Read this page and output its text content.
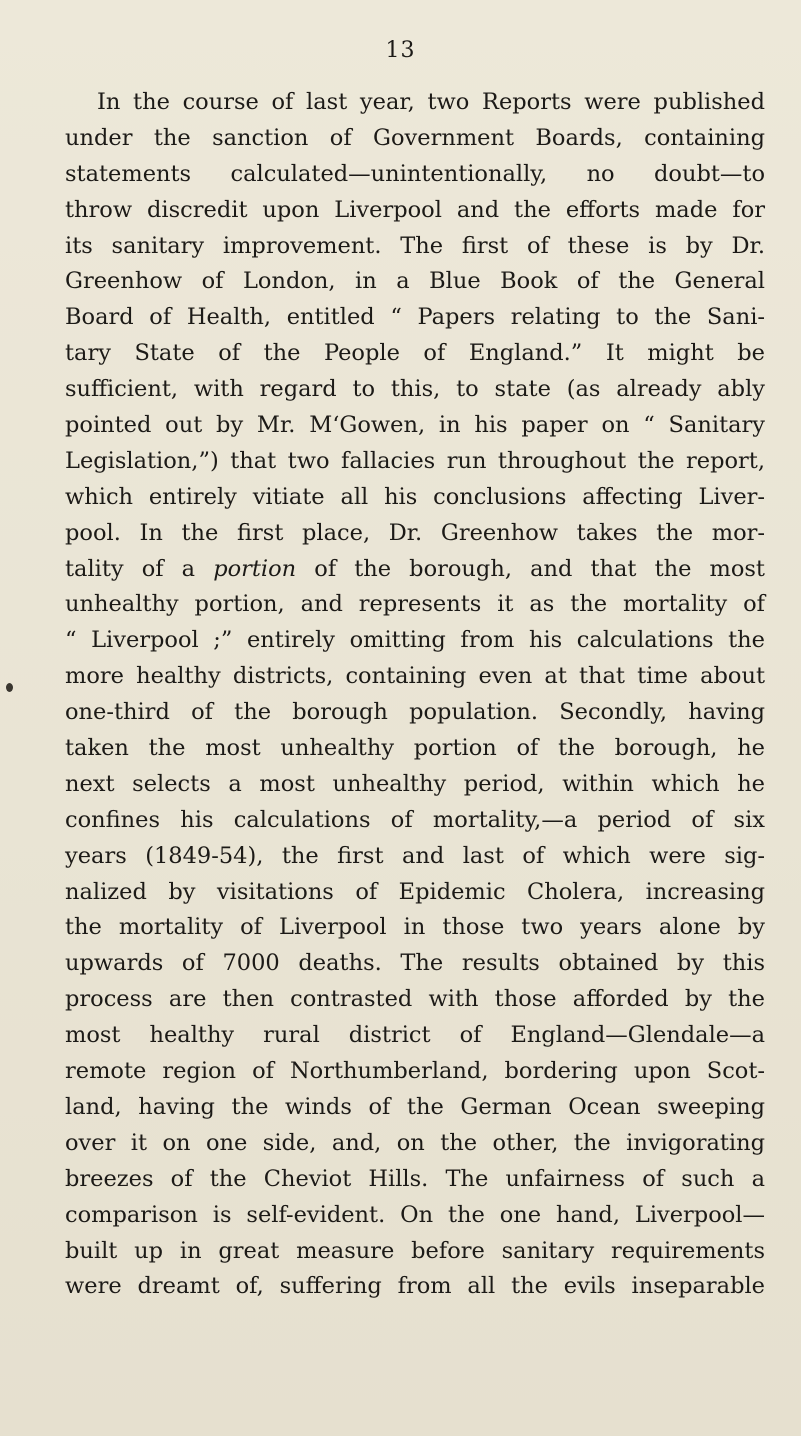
13
In the course of last year, two Reports were published
under the sanction of Government Boards, containing
statements calculated—unintentionally, no doubt—to
throw discredit upon Liverpool and the efforts made for
its sanitary improvement. The first of these is by Dr.
Greenhow of London, in a Blue Book of the General
Board of Health, entitled “ Papers relating to the Sani-
tary State of the People of England.” It might be
sufficient, with regard to this, to state (as already ably
pointed out by Mr. M‘Gowen, in his paper on “ Sanitary
Legislation,”) that two fallacies run throughout the report,
which entirely vitiate all his conclusions affecting Liver-
pool. In the first place, Dr. Greenhow takes the mor-
tality of a portion of the borough, and that the most
unhealthy portion, and represents it as the mortality of
“ Liverpool ;” entirely omitting from his calculations the
more healthy districts, containing even at that time about
one-third of the borough population. Secondly, having
taken the most unhealthy portion of the borough, he
next selects a most unhealthy period, within which he
confines his calculations of mortality,—a period of six
years (1849-54), the first and last of which were sig-
nalized by visitations of Epidemic Cholera, increasing
the mortality of Liverpool in those two years alone by
upwards of 7000 deaths. The results obtained by this
process are then contrasted with those afforded by the
most healthy rural district of England—Glendale—a
remote region of Northumberland, bordering upon Scot-
land, having the winds of the German Ocean sweeping
over it on one side, and, on the other, the invigorating
breezes of the Cheviot Hills. The unfairness of such a
comparison is self-evident. On the one hand, Liverpool—
built up in great measure before sanitary requirements
were dreamt of, suffering from all the evils inseparable
